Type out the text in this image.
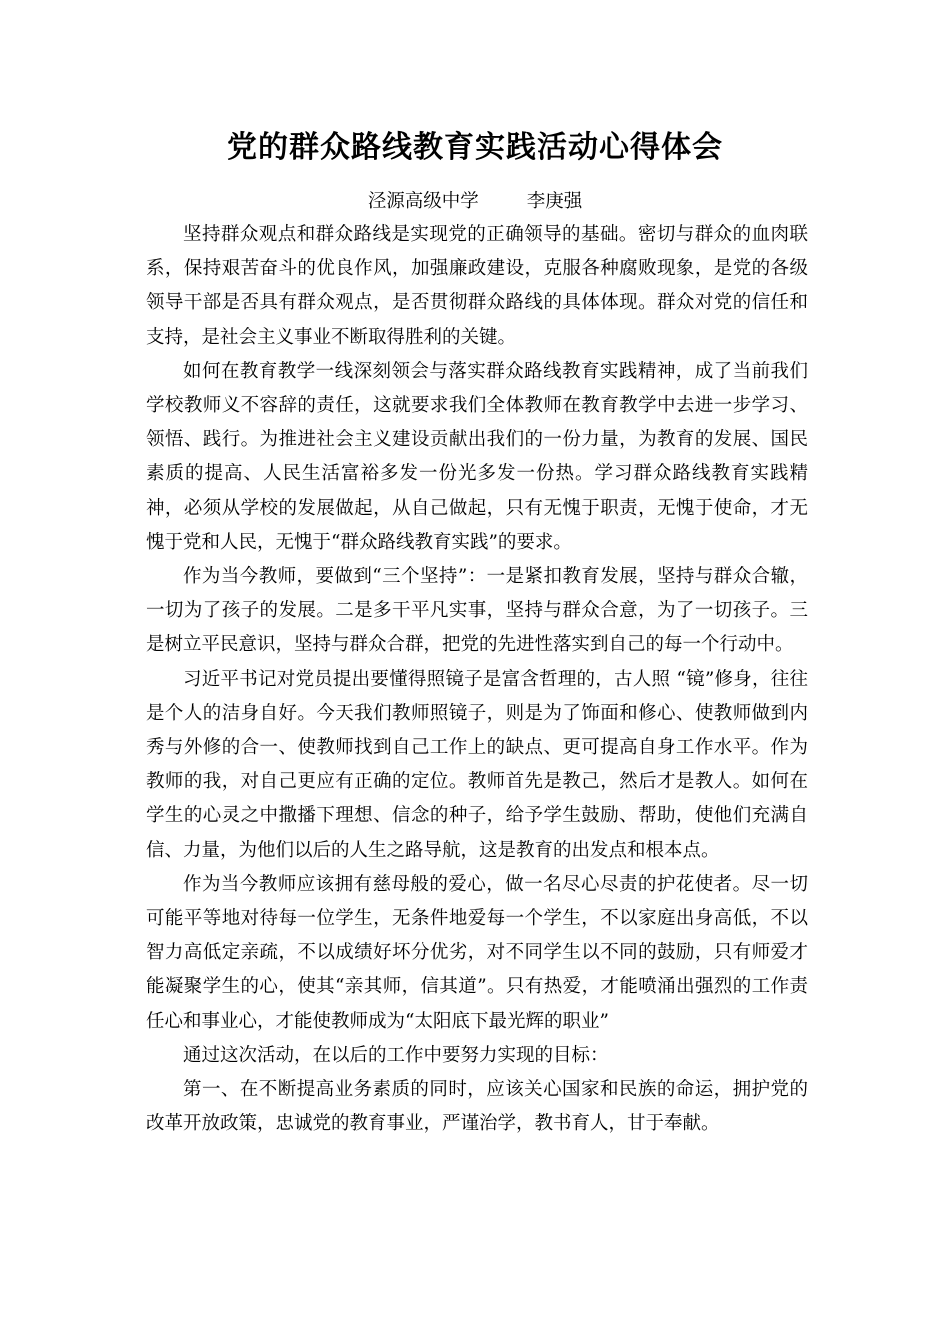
党的群众路线教育实践活动心得体会
泾源高级中学	李庚强

坚持群众观点和群众路线是实现党的正确领导的基础。密切与群众的血肉联系，保持艰苦奋斗的优良作风，加强廉政建设，克服各种腐败现象，是党的各级领导干部是否具有群众观点，是否贯彻群众路线的具体体现。群众对党的信任和支持，是社会主义事业不断取得胜利的关键。

如何在教育教学一线深刻领会与落实群众路线教育实践精神，成了当前我们学校教师义不容辞的责任，这就要求我们全体教师在教育教学中去进一步学习、领悟、践行。为推进社会主义建设贡献出我们的一份力量，为教育的发展、国民素质的提高、人民生活富裕多发一份光多发一份热。学习群众路线教育实践精神，必须从学校的发展做起，从自己做起，只有无愧于职责，无愧于使命，才无愧于党和人民，无愧于“群众路线教育实践”的要求。

作为当今教师，要做到“三个坚持”：一是紧扣教育发展，坚持与群众合辙，一切为了孩子的发展。二是多干平凡实事，坚持与群众合意，为了一切孩子。三是树立平民意识，坚持与群众合群，把党的先进性落实到自己的每一个行动中。

习近平书记对党员提出要懂得照镜子是富含哲理的，古人照 “镜”修身，往往是个人的洁身自好。今天我们教师照镜子，则是为了饰面和修心、使教师做到内秀与外修的合一、使教师找到自己工作上的缺点、更可提高自身工作水平。作为教师的我，对自己更应有正确的定位。教师首先是教己，然后才是教人。如何在学生的心灵之中撒播下理想、信念的种子，给予学生鼓励、帮助，使他们充满自信、力量，为他们以后的人生之路导航，这是教育的出发点和根本点。

作为当今教师应该拥有慈母般的爱心，做一名尽心尽责的护花使者。尽一切可能平等地对待每一位学生，无条件地爱每一个学生，不以家庭出身高低，不以智力高低定亲疏，不以成绩好坏分优劣，对不同学生以不同的鼓励，只有师爱才能凝聚学生的心，使其“亲其师，信其道”。只有热爱，才能喷涌出强烈的工作责任心和事业心，才能使教师成为“太阳底下最光辉的职业”

通过这次活动，在以后的工作中要努力实现的目标：

第一、在不断提高业务素质的同时，应该关心国家和民族的命运，拥护党的改革开放政策，忠诚党的教育事业，严谨治学，教书育人，甘于奉献。
